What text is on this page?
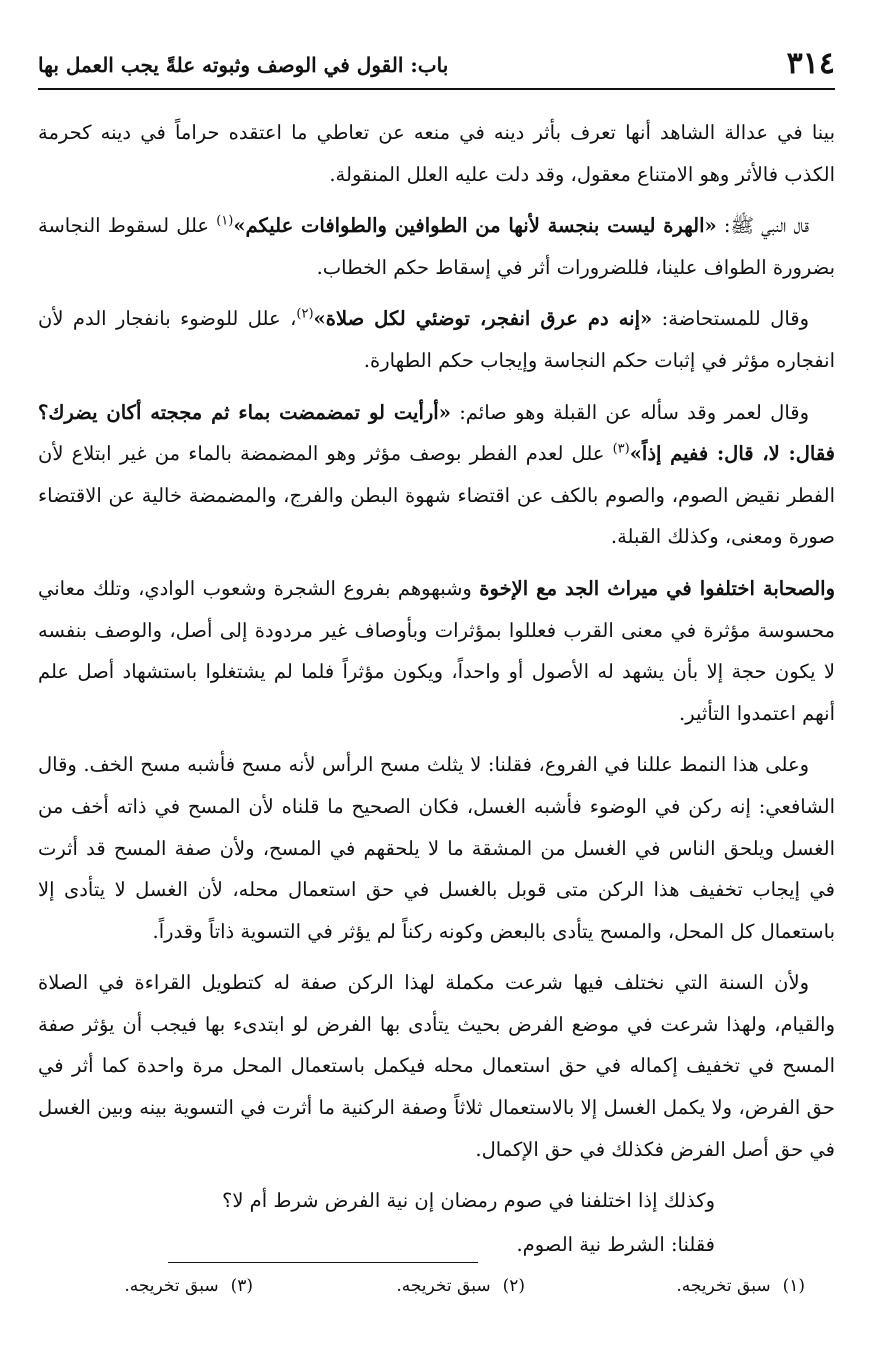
٣١٤
باب: القول في الوصف وثبوته علةً يجب العمل بها

بينا في عدالة الشاهد أنها تعرف بأثر دينه في منعه عن تعاطي ما اعتقده حراماً في دينه كحرمة الكذب فالأثر وهو الامتناع معقول، وقد دلت عليه العلل المنقولة.

قال النبي ﷺ: «الهرة ليست بنجسة لأنها من الطوافين والطوافات عليكم»$^{(١)}$ علل لسقوط النجاسة بضرورة الطواف علينا، فللضرورات أثر في إسقاط حكم الخطاب.

وقال للمستحاضة: «إنه دم عرق انفجر، توضئي لكل صلاة»$^{(٢)}$، علل للوضوء بانفجار الدم لأن انفجاره مؤثر في إثبات حكم النجاسة وإيجاب حكم الطهارة.

وقال لعمر وقد سأله عن القبلة وهو صائم: «أرأيت لو تمضمضت بماء ثم مججته أكان يضرك؟ فقال: لا، قال: ففيم إذاً»$^{(٣)}$ علل لعدم الفطر بوصف مؤثر وهو المضمضة بالماء من غير ابتلاع لأن الفطر نقيض الصوم، والصوم بالكف عن اقتضاء شهوة البطن والفرج، والمضمضة خالية عن الاقتضاء صورة ومعنى، وكذلك القبلة.

والصحابة اختلفوا في ميراث الجد مع الإخوة وشبهوهم بفروع الشجرة وشعوب الوادي، وتلك معاني محسوسة مؤثرة في معنى القرب فعللوا بمؤثرات وبأوصاف غير مردودة إلى أصل، والوصف بنفسه لا يكون حجة إلا بأن يشهد له الأصول أو واحداً، ويكون مؤثراً فلما لم يشتغلوا باستشهاد أصل علم أنهم اعتمدوا التأثير.

وعلى هذا النمط عللنا في الفروع، فقلنا: لا يثلث مسح الرأس لأنه مسح فأشبه مسح الخف. وقال الشافعي: إنه ركن في الوضوء فأشبه الغسل، فكان الصحيح ما قلناه لأن المسح في ذاته أخف من الغسل ويلحق الناس في الغسل من المشقة ما لا يلحقهم في المسح، ولأن صفة المسح قد أثرت في إيجاب تخفيف هذا الركن متى قوبل بالغسل في حق استعمال محله، لأن الغسل لا يتأدى إلا باستعمال كل المحل، والمسح يتأدى بالبعض وكونه ركناً لم يؤثر في التسوية ذاتاً وقدراً.

ولأن السنة التي نختلف فيها شرعت مكملة لهذا الركن صفة له كتطويل القراءة في الصلاة والقيام، ولهذا شرعت في موضع الفرض بحيث يتأدى بها الفرض لو ابتدىء بها فيجب أن يؤثر صفة المسح في تخفيف إكماله في حق استعمال محله فيكمل باستعمال المحل مرة واحدة كما أثر في حق الفرض، ولا يكمل الغسل إلا بالاستعمال ثلاثاً وصفة الركنية ما أثرت في التسوية بينه وبين الغسل في حق أصل الفرض فكذلك في حق الإكمال.

وكذلك إذا اختلفنا في صوم رمضان إن نية الفرض شرط أم لا؟

فقلنا: الشرط نية الصوم.

(١)سبق تخريجه.
(٢)سبق تخريجه.
(٣)سبق تخريجه.
